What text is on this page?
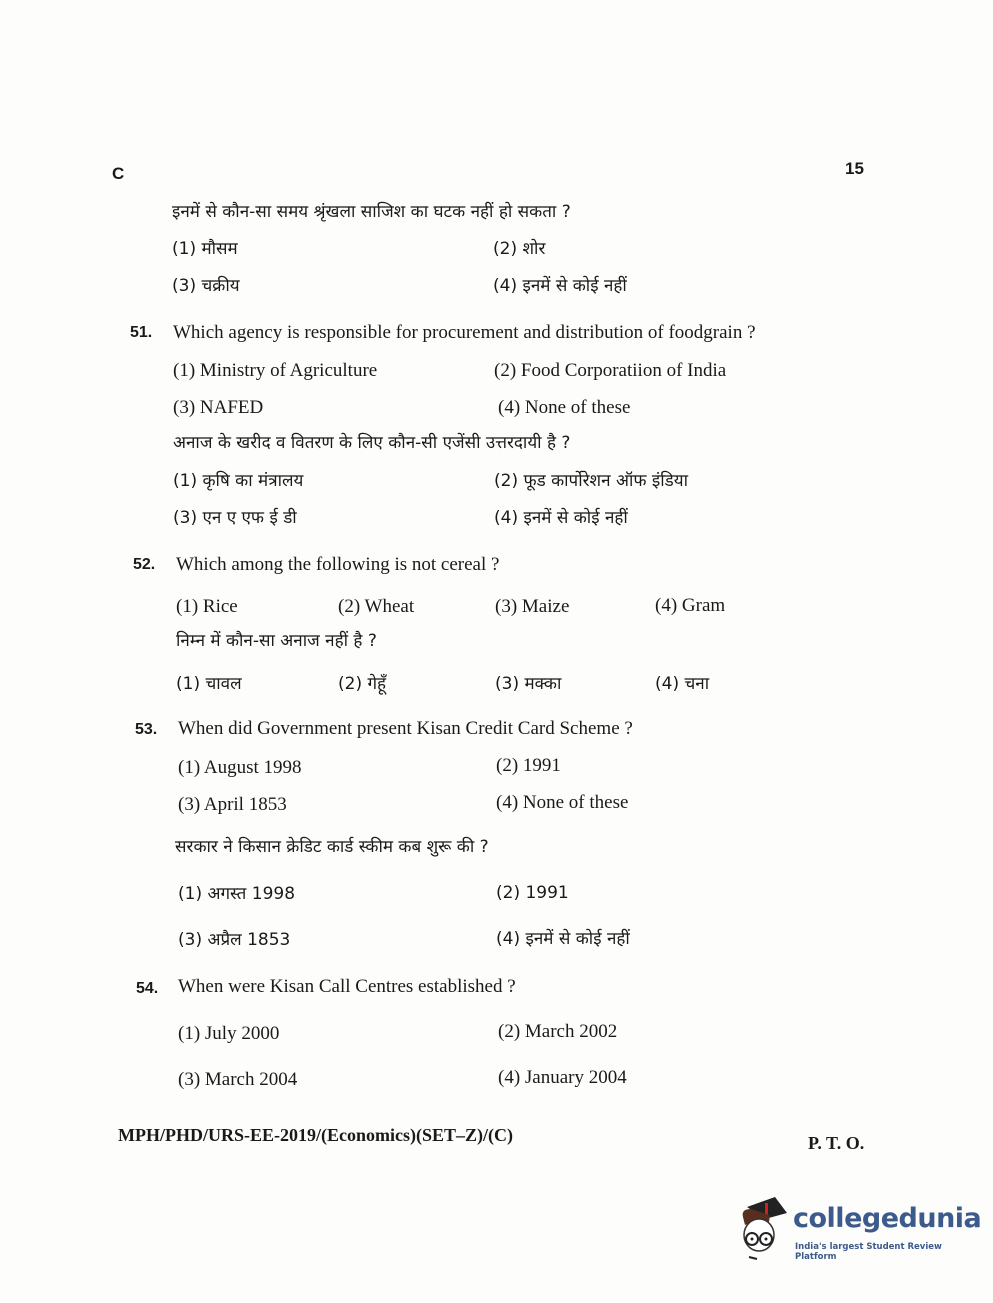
C	15
इनमें से कौन-सा समय श्रृंखला साजिश का घटक नहीं हो सकता ?
(1) मौसम	(2) शोर
(3) चक्रीय	(4) इनमें से कोई नहीं
51. Which agency is responsible for procurement and distribution of foodgrain ?
(1) Ministry of Agriculture	(2) Food Corporatiion of India
(3) NAFED	(4) None of these
अनाज के खरीद व वितरण के लिए कौन-सी एजेंसी उत्तरदायी है ?
(1) कृषि का मंत्रालय	(2) फूड कार्पोरेशन ऑफ इंडिया
(3) एन ए एफ ई डी	(4) इनमें से कोई नहीं
52. Which among the following is not cereal ?
(1) Rice	(2) Wheat	(3) Maize	(4) Gram
निम्न में कौन-सा अनाज नहीं है ?
(1) चावल	(2) गेहूँ	(3) मक्का	(4) चना
53. When did Government present Kisan Credit Card Scheme ?
(1) August 1998	(2) 1991
(3) April 1853	(4) None of these
सरकार ने किसान क्रेडिट कार्ड स्कीम कब शुरू की ?
(1) अगस्त 1998	(2) 1991
(3) अप्रैल 1853	(4) इनमें से कोई नहीं
54. When were Kisan Call Centres established ?
(1) July 2000	(2) March 2002
(3) March 2004	(4) January 2004
MPH/PHD/URS-EE-2019/(Economics)(SET–Z)/(C)	P. T. O.
collegedunia
India's largest Student Review Platform
